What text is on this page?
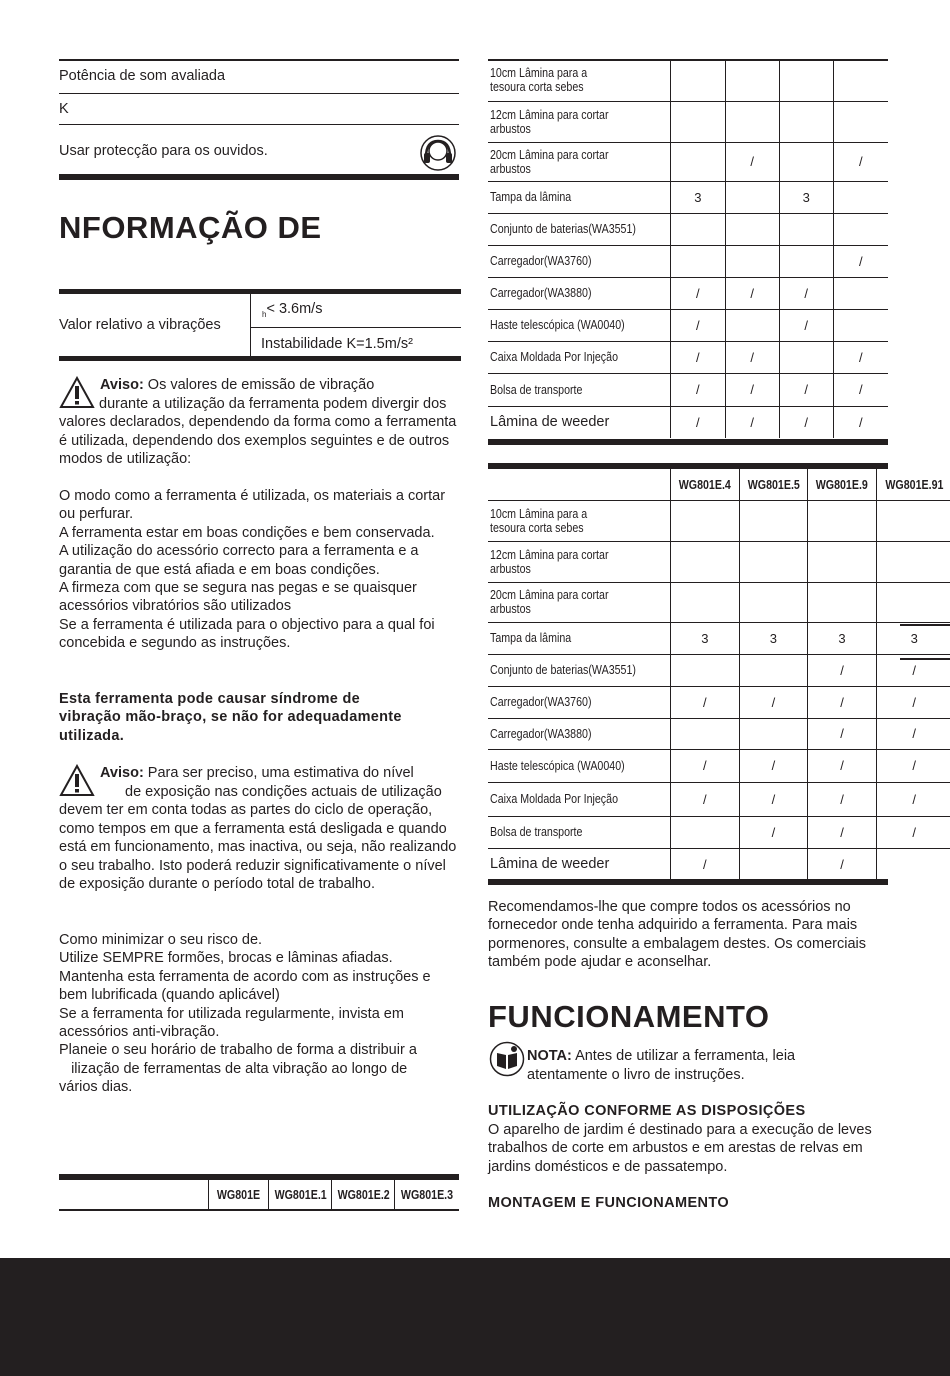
Potência de som avaliada
K
Usar protecção para os ouvidos.
NFORMAÇÃO DE
Valor relativo a vibrações
$_h$< 3.6m/s
Instabilidade K=1.5m/s²
Aviso: Os valores de emissão de vibração
durante a utilização da ferramenta podem divergir dos valores declarados, dependendo da forma como a ferramenta é utilizada, dependendo dos exemplos seguintes e de outros modos de utilização:
O modo como a ferramenta é utilizada, os materiais a cortar ou perfurar.
A ferramenta estar em boas condições e bem conservada.
A utilização do acessório correcto para a ferramenta e a garantia de que está afiada e em boas condições.
A firmeza com que se segura nas pegas e se quaisquer acessórios vibratórios são utilizados
Se a ferramenta é utilizada para o objectivo para a qual foi concebida e segundo as instruções.
Esta ferramenta pode causar síndrome de vibração mão-braço, se não for adequadamente utilizada.
Aviso: Para ser preciso, uma estimativa do nível
de exposição nas condições actuais de utilização devem ter em conta todas as partes do ciclo de operação, como tempos em que a ferramenta está desligada e quando está em funcionamento, mas inactiva, ou seja, não realizando o seu trabalho. Isto poderá reduzir significativamente o nível de exposição durante o período total de trabalho.
Como minimizar o seu risco de.
Utilize SEMPRE formões, brocas e lâminas afiadas.
Mantenha esta ferramenta de acordo com as instruções e bem lubrificada (quando aplicável)
Se a ferramenta for utilizada regularmente, invista em acessórios anti-vibração.
Planeie o seu horário de trabalho de forma a distribuir a
ilização de ferramentas de alta vibração ao longo de
vários dias.
WG801E WG801E.1 WG801E.2 WG801E.3
10cm Lâmina para a
tesoura corta sebes				

12cm Lâmina para cortar
arbustos				

20cm Lâmina para cortar
arbustos		/		/

Tampa da lâmina	3		3	

Conjunto de baterias(WA3551)				

Carregador(WA3760)				/

Carregador(WA3880)	/	/	/	

Haste telescópica (WA0040)	/		/	

Caixa Moldada Por Injeção	/	/		/

Bolsa de transporte	/	/	/	/

Lâmina de weeder	/	/	/	/

	WG801E.4	WG801E.5	WG801E.9	WG801E.91

10cm Lâmina para a
tesoura corta sebes				

12cm Lâmina para cortar
arbustos				

20cm Lâmina para cortar
arbustos				

Tampa da lâmina	3	3	3	3

Conjunto de baterias(WA3551)			/	/

Carregador(WA3760)	/	/	/	/

Carregador(WA3880)			/	/

Haste telescópica (WA0040)	/	/	/	/

Caixa Moldada Por Injeção	/	/	/	/

Bolsa de transporte		/	/	/

Lâmina de weeder	/		/	
Recomendamos-lhe que compre todos os acessórios no fornecedor onde tenha adquirido a ferramenta. Para mais pormenores, consulte a embalagem destes. Os comerciais também pode ajudar e aconselhar.
FUNCIONAMENTO
NOTA: Antes de utilizar a ferramenta, leia
atentamente o livro de instruções.
UTILIZAÇÃO CONFORME AS DISPOSIÇÕES
O aparelho de jardim é destinado para a execução de leves trabalhos de corte em arbustos e em arestas de relvas em jardins domésticos e de passatempo.
MONTAGEM E FUNCIONAMENTO
